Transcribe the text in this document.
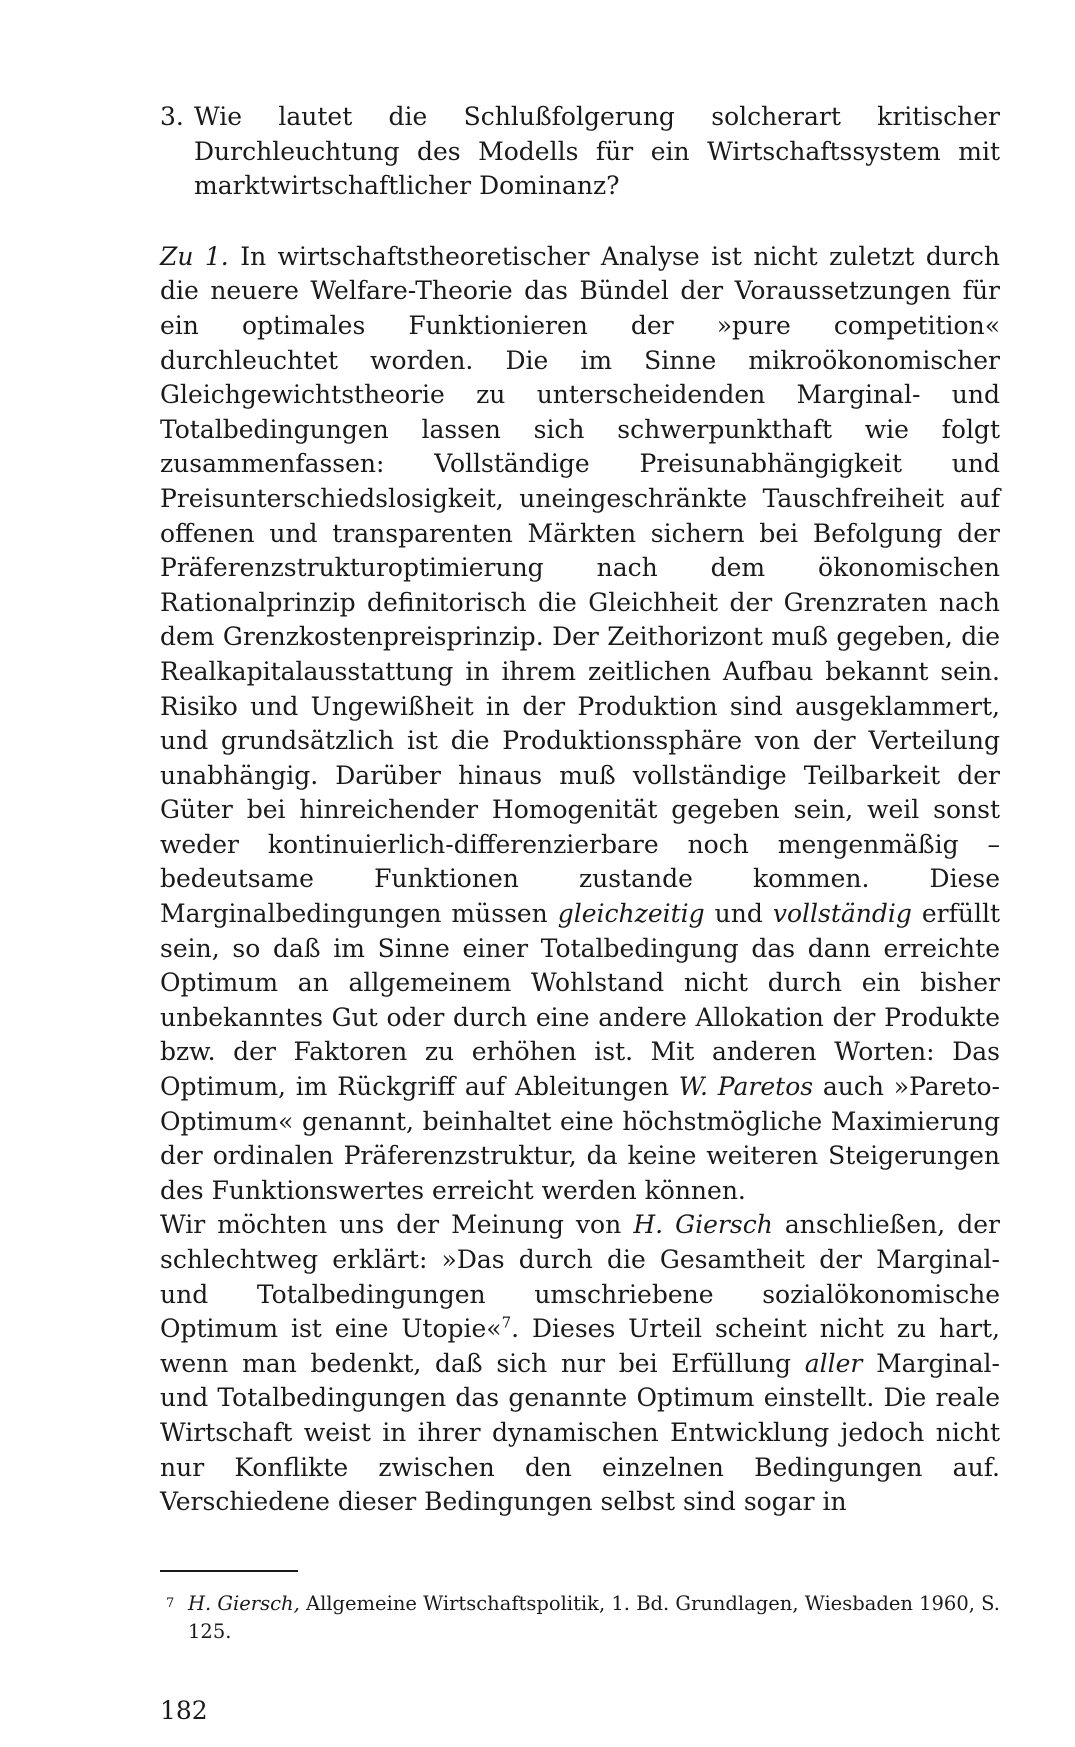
3. Wie lautet die Schlußfolgerung solcherart kritischer Durchleuchtung des Modells für ein Wirtschaftssystem mit marktwirtschaftlicher Dominanz?

Zu 1. In wirtschaftstheoretischer Analyse ist nicht zuletzt durch die neuere Welfare-Theorie das Bündel der Voraussetzungen für ein optimales Funktionieren der »pure competition« durchleuchtet worden. Die im Sinne mikroökonomischer Gleichgewichtstheorie zu unterscheidenden Marginal- und Totalbedingungen lassen sich schwerpunkthaft wie folgt zusammenfassen: Vollständige Preisunabhängigkeit und Preisunterschiedslosigkeit, uneingeschränkte Tauschfreiheit auf offenen und transparenten Märkten sichern bei Befolgung der Präferenzstrukturoptimierung nach dem ökonomischen Rationalprinzip definitorisch die Gleichheit der Grenzraten nach dem Grenzkostenpreisprinzip. Der Zeithorizont muß gegeben, die Realkapitalausstattung in ihrem zeitlichen Aufbau bekannt sein. Risiko und Ungewißheit in der Produktion sind ausgeklammert, und grundsätzlich ist die Produktionssphäre von der Verteilung unabhängig. Darüber hinaus muß vollständige Teilbarkeit der Güter bei hinreichender Homogenität gegeben sein, weil sonst weder kontinuierlich-differenzierbare noch mengenmäßig –bedeutsame Funktionen zustande kommen. Diese Marginalbedingungen müssen gleichzeitig und vollständig erfüllt sein, so daß im Sinne einer Totalbedingung das dann erreichte Optimum an allgemeinem Wohlstand nicht durch ein bisher unbekanntes Gut oder durch eine andere Allokation der Produkte bzw. der Faktoren zu erhöhen ist. Mit anderen Worten: Das Optimum, im Rückgriff auf Ableitungen W. Paretos auch »Pareto-Optimum« genannt, beinhaltet eine höchstmögliche Maximierung der ordinalen Präferenzstruktur, da keine weiteren Steigerungen des Funktionswertes erreicht werden können.

Wir möchten uns der Meinung von H. Giersch anschließen, der schlechtweg erklärt: »Das durch die Gesamtheit der Marginal- und Totalbedingungen umschriebene sozialökonomische Optimum ist eine Utopie«$^7$. Dieses Urteil scheint nicht zu hart, wenn man bedenkt, daß sich nur bei Erfüllung aller Marginal- und Totalbedingungen das genannte Optimum einstellt. Die reale Wirtschaft weist in ihrer dynamischen Entwicklung jedoch nicht nur Konflikte zwischen den einzelnen Bedingungen auf. Verschiedene dieser Bedingungen selbst sind sogar in

7 H. Giersch, Allgemeine Wirtschaftspolitik, 1. Bd. Grundlagen, Wiesbaden 1960, S. 125.
182
